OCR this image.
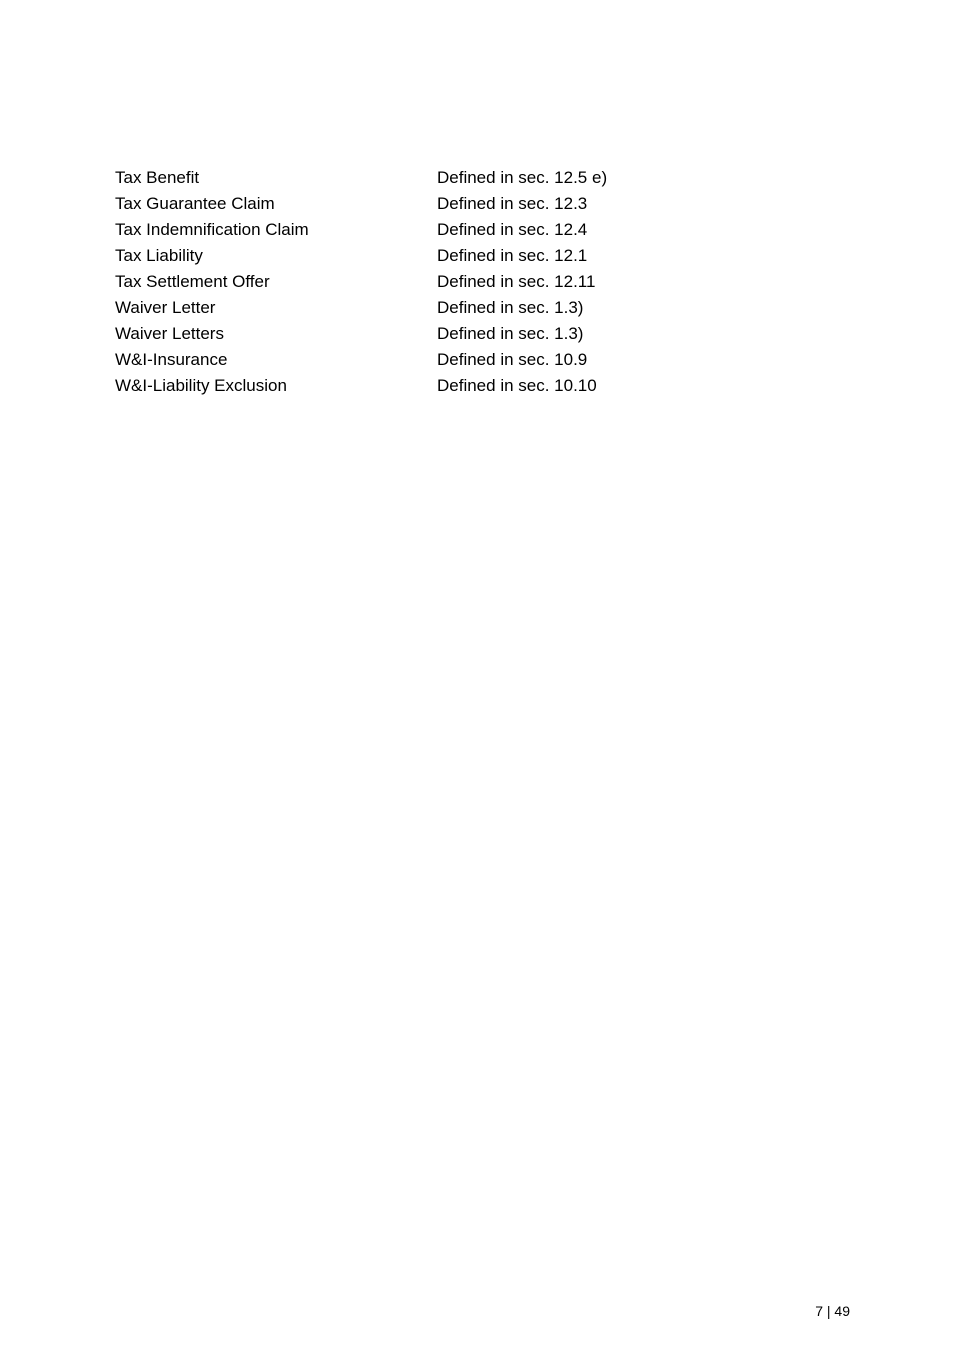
Tax Benefit	Defined in sec. 12.5 e)
Tax Guarantee Claim	Defined in sec. 12.3
Tax Indemnification Claim	Defined in sec. 12.4
Tax Liability	Defined in sec. 12.1
Tax Settlement Offer	Defined in sec. 12.11
Waiver Letter	Defined in sec. 1.3)
Waiver Letters	Defined in sec. 1.3)
W&I-Insurance	Defined in sec. 10.9
W&I-Liability Exclusion	Defined in sec. 10.10
7 | 49
